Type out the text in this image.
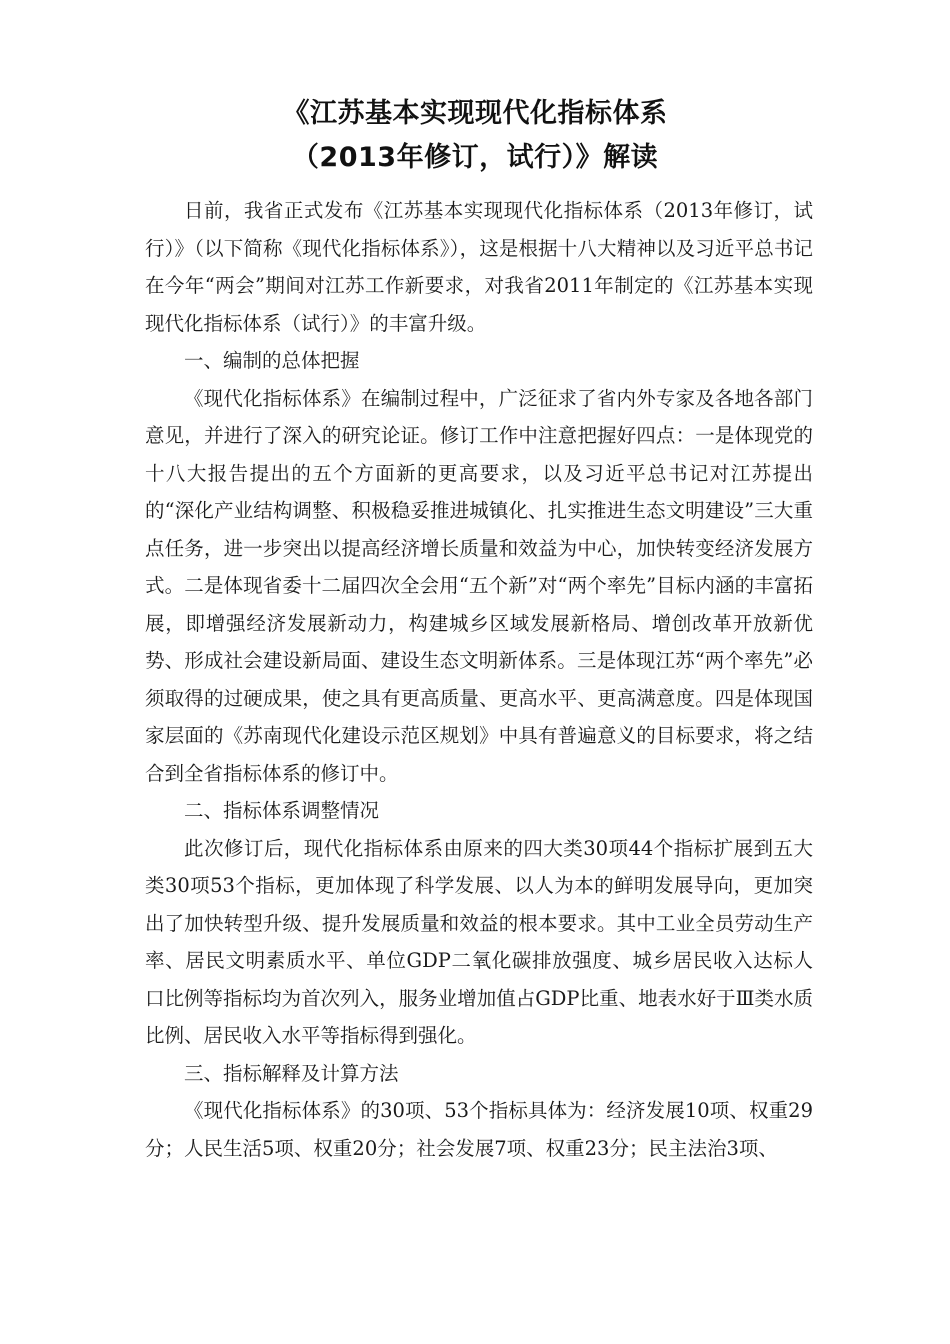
《江苏基本实现现代化指标体系
（2013年修订，试行）》解读

日前，我省正式发布《江苏基本实现现代化指标体系（2013年修订，试行）》（以下简称《现代化指标体系》），这是根据十八大精神以及习近平总书记在今年“两会”期间对江苏工作新要求，对我省2011年制定的《江苏基本实现现代化指标体系（试行）》的丰富升级。

一、编制的总体把握

《现代化指标体系》在编制过程中，广泛征求了省内外专家及各地各部门意见，并进行了深入的研究论证。修订工作中注意把握好四点：一是体现党的十八大报告提出的五个方面新的更高要求，以及习近平总书记对江苏提出的“深化产业结构调整、积极稳妥推进城镇化、扎实推进生态文明建设”三大重点任务，进一步突出以提高经济增长质量和效益为中心，加快转变经济发展方式。二是体现省委十二届四次全会用“五个新”对“两个率先”目标内涵的丰富拓展，即增强经济发展新动力，构建城乡区域发展新格局、增创改革开放新优势、形成社会建设新局面、建设生态文明新体系。三是体现江苏“两个率先”必须取得的过硬成果，使之具有更高质量、更高水平、更高满意度。四是体现国家层面的《苏南现代化建设示范区规划》中具有普遍意义的目标要求，将之结合到全省指标体系的修订中。

二、指标体系调整情况

此次修订后，现代化指标体系由原来的四大类30项44个指标扩展到五大类30项53个指标，更加体现了科学发展、以人为本的鲜明发展导向，更加突出了加快转型升级、提升发展质量和效益的根本要求。其中工业全员劳动生产率、居民文明素质水平、单位GDP二氧化碳排放强度、城乡居民收入达标人口比例等指标均为首次列入，服务业增加值占GDP比重、地表水好于Ⅲ类水质比例、居民收入水平等指标得到强化。

三、指标解释及计算方法

《现代化指标体系》的30项、53个指标具体为：经济发展10项、权重29分；人民生活5项、权重20分；社会发展7项、权重23分；民主法治3项、
